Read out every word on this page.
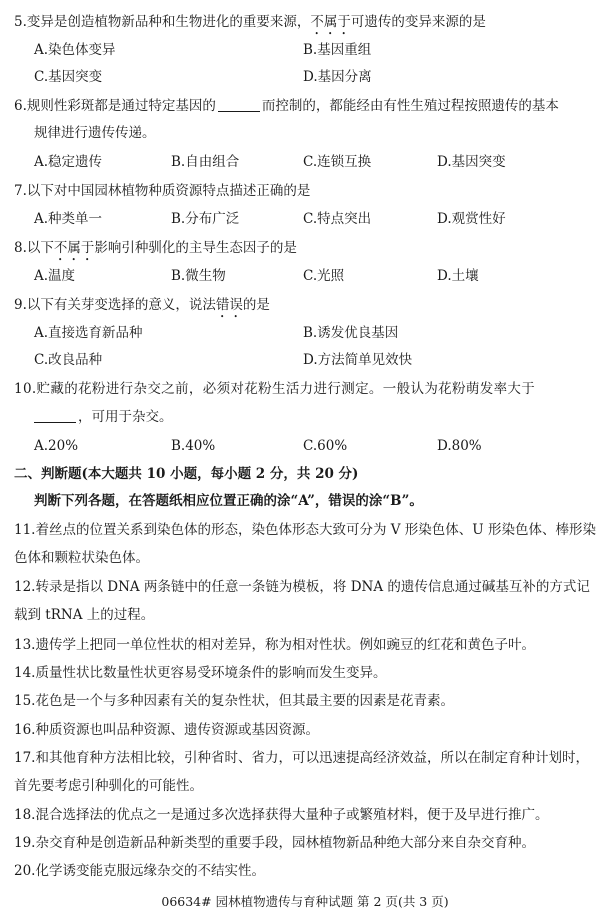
5.变异是创造植物新品种和生物进化的重要来源，不属于可遗传的变异来源的是
A.染色体变异	B.基因重组
C.基因突变	D.基因分离
6.规则性彩斑都是通过特定基因的	而控制的，都能经由有性生殖过程按照遗传的基本
规律进行遗传传递。
A.稳定遗传	B.自由组合	C.连锁互换	D.基因突变
7.以下对中国园林植物种质资源特点描述正确的是
A.种类单一	B.分布广泛	C.特点突出	D.观赏性好
8.以下不属于影响引种驯化的主导生态因子的是
A.温度	B.微生物	C.光照	D.土壤
9.以下有关芽变选择的意义，说法错误的是
A.直接选育新品种	B.诱发优良基因
C.改良品种	D.方法简单见效快
10.贮藏的花粉进行杂交之前，必须对花粉生活力进行测定。一般认为花粉萌发率大于
，可用于杂交。
A.20%	B.40%	C.60%	D.80%
二、判断题(本大题共 10 小题，每小题 2 分，共 20 分)
判断下列各题，在答题纸相应位置正确的涂“A”，错误的涂“B”。
11.着丝点的位置关系到染色体的形态，染色体形态大致可分为 V 形染色体、U 形染色体、棒形染色体和颗粒状染色体。
12.转录是指以 DNA 两条链中的任意一条链为模板，将 DNA 的遗传信息通过碱基互补的方式记载到 tRNA 上的过程。
13.遗传学上把同一单位性状的相对差异，称为相对性状。例如豌豆的红花和黄色子叶。
14.质量性状比数量性状更容易受环境条件的影响而发生变异。
15.花色是一个与多种因素有关的复杂性状，但其最主要的因素是花青素。
16.种质资源也叫品种资源、遗传资源或基因资源。
17.和其他育种方法相比较，引种省时、省力，可以迅速提高经济效益，所以在制定育种计划时，首先要考虑引种驯化的可能性。
18.混合选择法的优点之一是通过多次选择获得大量种子或繁殖材料，便于及早进行推广。
19.杂交育种是创造新品种新类型的重要手段，园林植物新品种绝大部分来自杂交育种。
20.化学诱变能克服远缘杂交的不结实性。
06634# 园林植物遗传与育种试题 第 2 页(共 3 页)
